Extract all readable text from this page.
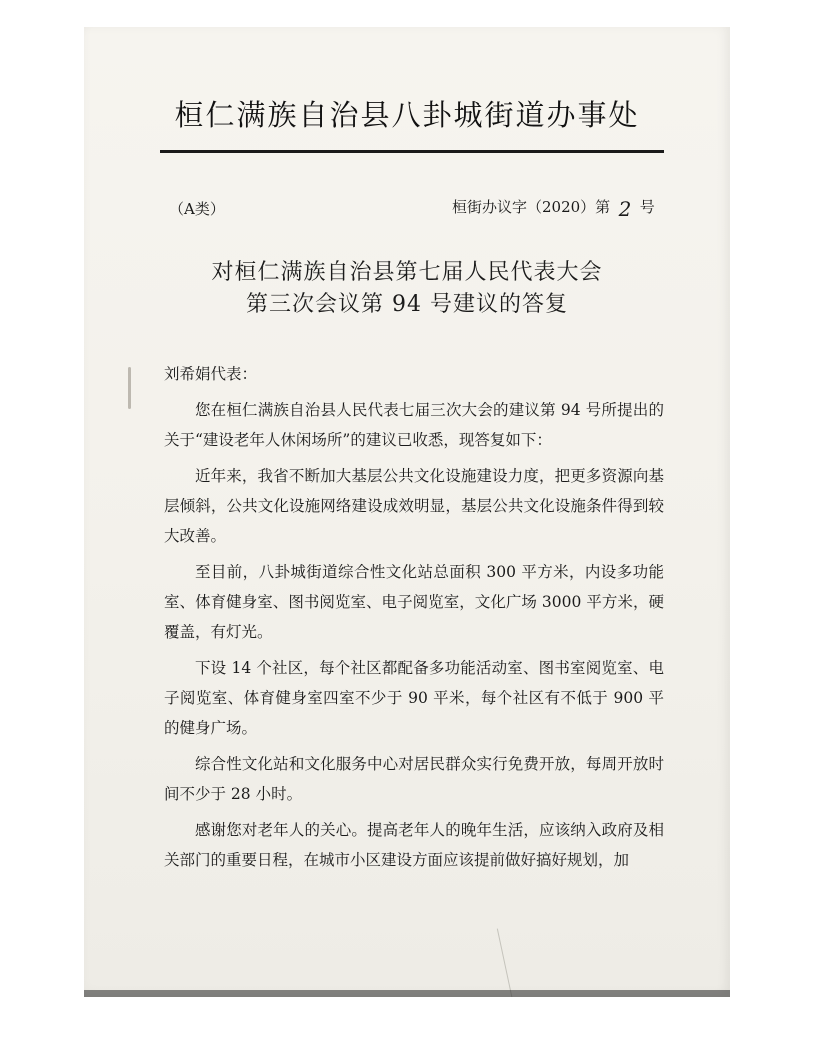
桓仁满族自治县八卦城街道办事处
（A类）	桓街办议字（2020）第 2 号
对桓仁满族自治县第七届人民代表大会
第三次会议第 94 号建议的答复

刘希娟代表：

您在桓仁满族自治县人民代表七届三次大会的建议第 94 号所提出的关于“建设老年人休闲场所”的建议已收悉，现答复如下：

近年来，我省不断加大基层公共文化设施建设力度，把更多资源向基层倾斜，公共文化设施网络建设成效明显，基层公共文化设施条件得到较大改善。

至目前，八卦城街道综合性文化站总面积 300 平方米，内设多功能室、体育健身室、图书阅览室、电子阅览室，文化广场 3000 平方米，硬覆盖，有灯光。

下设 14 个社区，每个社区都配备多功能活动室、图书室阅览室、电子阅览室、体育健身室四室不少于 90 平米，每个社区有不低于 900 平的健身广场。

综合性文化站和文化服务中心对居民群众实行免费开放，每周开放时间不少于 28 小时。

感谢您对老年人的关心。提高老年人的晚年生活，应该纳入政府及相关部门的重要日程，在城市小区建设方面应该提前做好搞好规划，加
